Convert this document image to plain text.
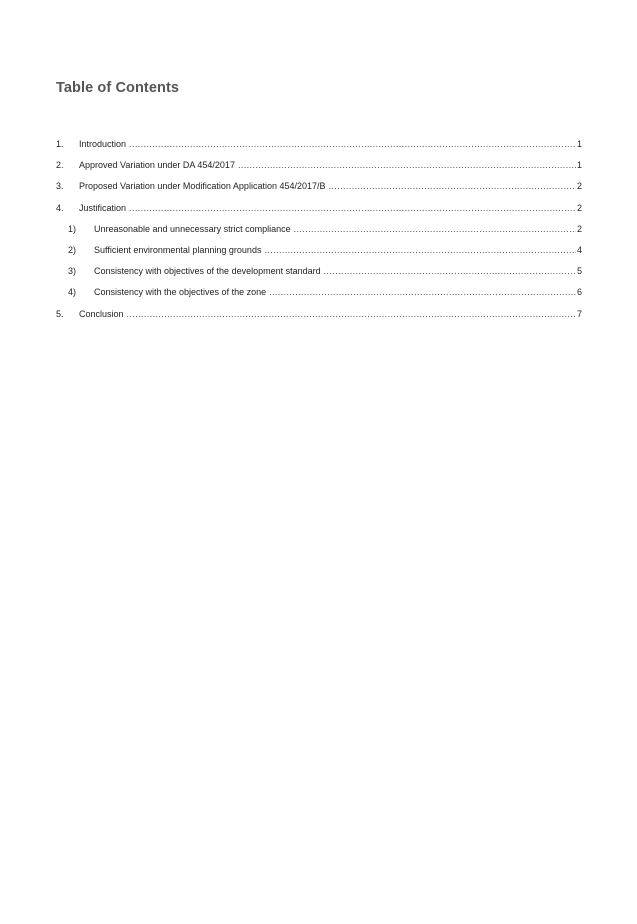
Table of Contents
1.	Introduction .....	1
2.	Approved Variation under DA 454/2017 .....	1
3.	Proposed Variation under Modification Application 454/2017/B .....	2
4.	Justification .....	2
1)	Unreasonable and unnecessary strict compliance .....	2
2)	Sufficient environmental planning grounds .....	4
3)	Consistency with objectives of the development standard .....	5
4)	Consistency with the objectives of the zone .....	6
5.	Conclusion .....	7
